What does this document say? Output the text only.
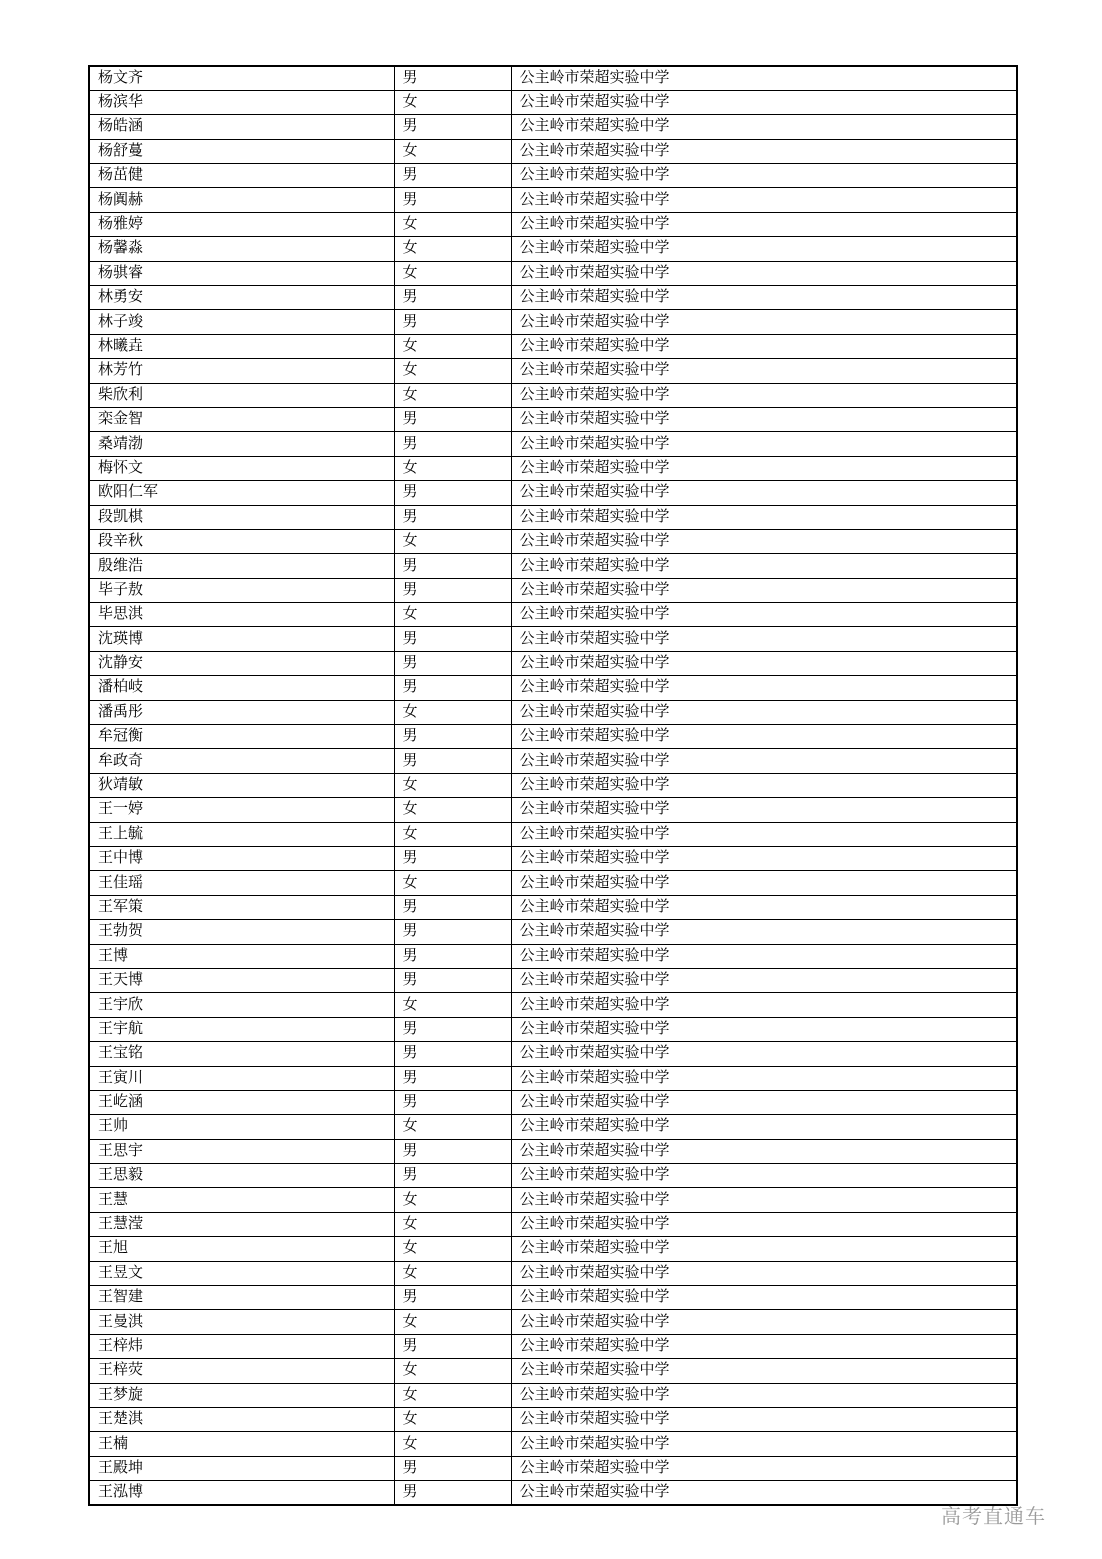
杨文齐	男	公主岭市荣超实验中学
杨滨华	女	公主岭市荣超实验中学
杨皓涵	男	公主岭市荣超实验中学
杨舒蔓	女	公主岭市荣超实验中学
杨茁健	男	公主岭市荣超实验中学
杨阗赫	男	公主岭市荣超实验中学
杨雅婷	女	公主岭市荣超实验中学
杨馨淼	女	公主岭市荣超实验中学
杨骐睿	女	公主岭市荣超实验中学
林勇安	男	公主岭市荣超实验中学
林子竣	男	公主岭市荣超实验中学
林曦垚	女	公主岭市荣超实验中学
林芳竹	女	公主岭市荣超实验中学
柴欣利	女	公主岭市荣超实验中学
栾金智	男	公主岭市荣超实验中学
桑靖渤	男	公主岭市荣超实验中学
梅怀文	女	公主岭市荣超实验中学
欧阳仁军	男	公主岭市荣超实验中学
段凯棋	男	公主岭市荣超实验中学
段辛秋	女	公主岭市荣超实验中学
殷维浩	男	公主岭市荣超实验中学
毕子敖	男	公主岭市荣超实验中学
毕思淇	女	公主岭市荣超实验中学
沈瑛博	男	公主岭市荣超实验中学
沈静安	男	公主岭市荣超实验中学
潘柏岐	男	公主岭市荣超实验中学
潘禹彤	女	公主岭市荣超实验中学
牟冠衡	男	公主岭市荣超实验中学
牟政奇	男	公主岭市荣超实验中学
狄靖敏	女	公主岭市荣超实验中学
王一婷	女	公主岭市荣超实验中学
王上毓	女	公主岭市荣超实验中学
王中博	男	公主岭市荣超实验中学
王佳瑶	女	公主岭市荣超实验中学
王军策	男	公主岭市荣超实验中学
王勃贺	男	公主岭市荣超实验中学
王博	男	公主岭市荣超实验中学
王天博	男	公主岭市荣超实验中学
王宇欣	女	公主岭市荣超实验中学
王宇航	男	公主岭市荣超实验中学
王宝铭	男	公主岭市荣超实验中学
王寅川	男	公主岭市荣超实验中学
王屹涵	男	公主岭市荣超实验中学
王帅	女	公主岭市荣超实验中学
王思宇	男	公主岭市荣超实验中学
王思毅	男	公主岭市荣超实验中学
王慧	女	公主岭市荣超实验中学
王慧滢	女	公主岭市荣超实验中学
王旭	女	公主岭市荣超实验中学
王昱文	女	公主岭市荣超实验中学
王智建	男	公主岭市荣超实验中学
王曼淇	女	公主岭市荣超实验中学
王梓炜	男	公主岭市荣超实验中学
王梓荧	女	公主岭市荣超实验中学
王梦旋	女	公主岭市荣超实验中学
王楚淇	女	公主岭市荣超实验中学
王楠	女	公主岭市荣超实验中学
王殿坤	男	公主岭市荣超实验中学
王泓博	男	公主岭市荣超实验中学
高考直通车
